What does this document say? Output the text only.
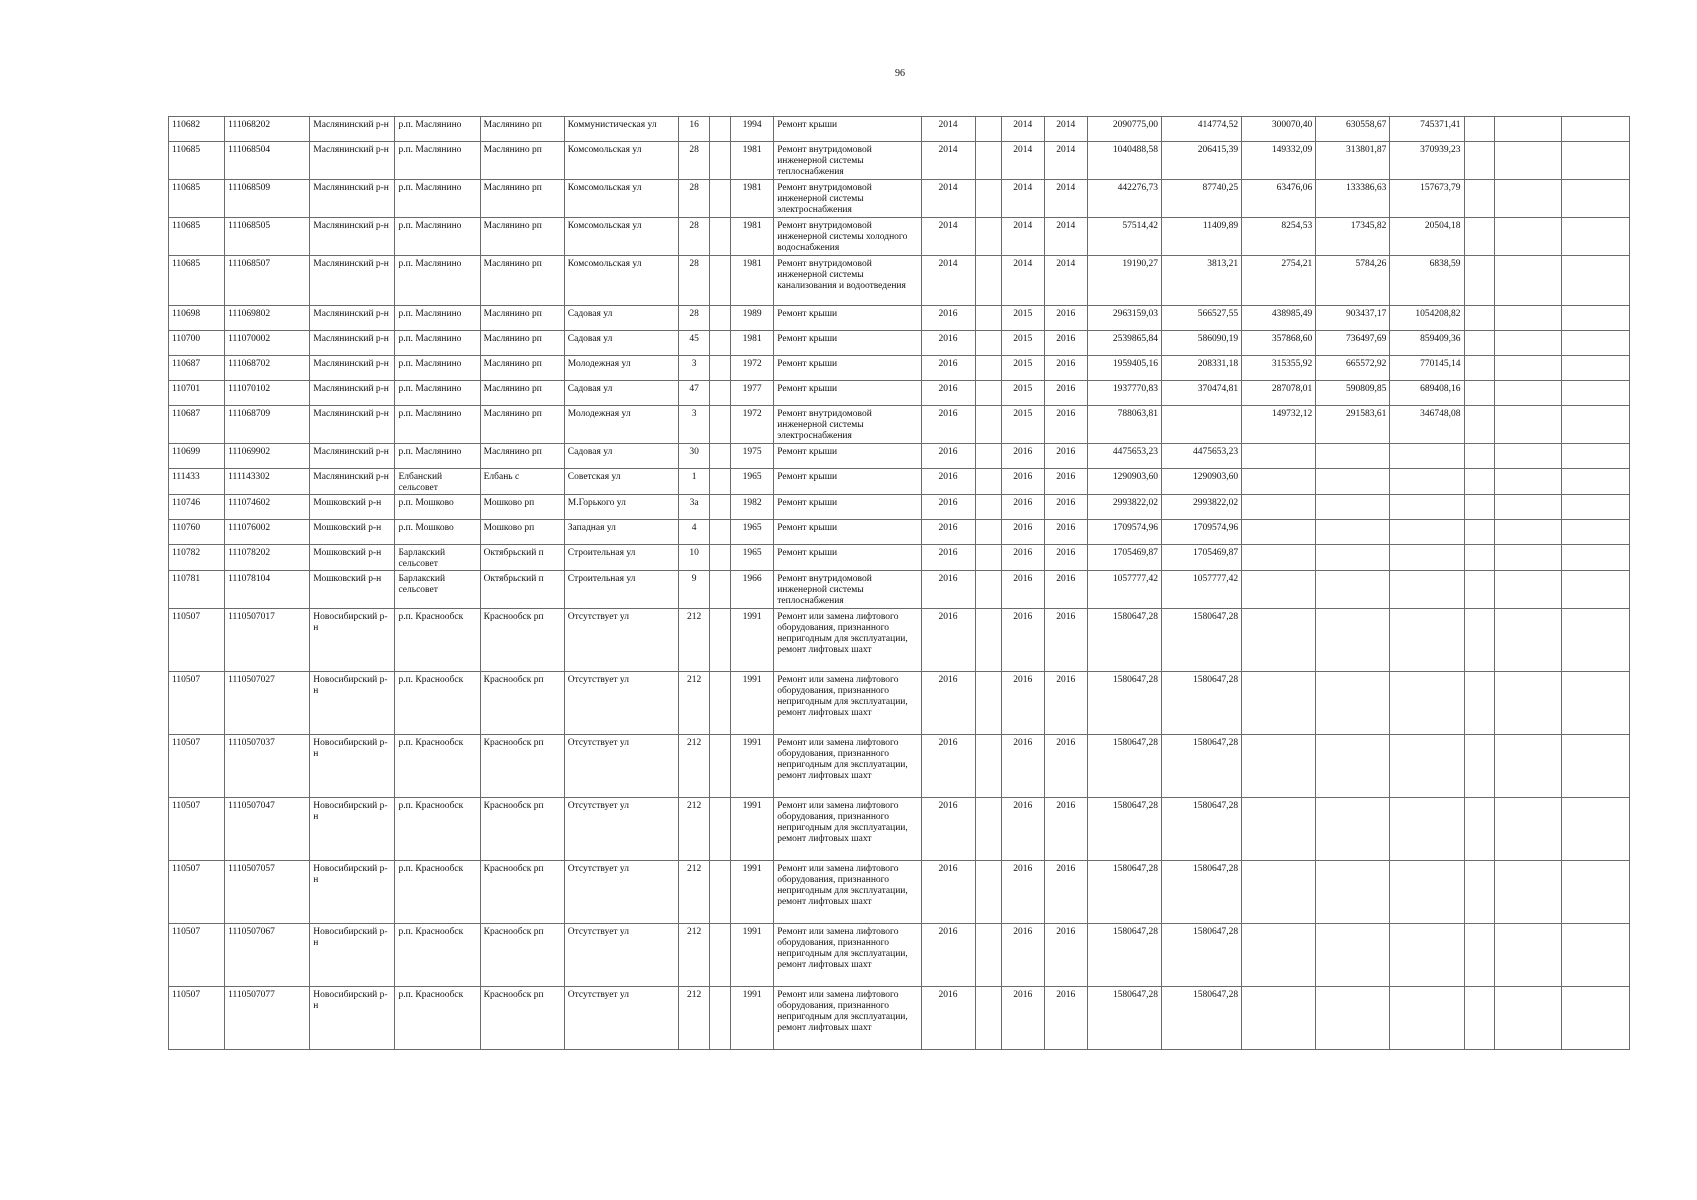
96
110682	111068202	Маслянинский р-н	р.п. Маслянино	Маслянино рп	Коммунистическая ул	16		1994	Ремонт крыши	2014		2014	2014	2090775,00	414774,52	300070,40	630558,67	745371,41			
110685	111068504	Маслянинский р-н	р.п. Маслянино	Маслянино рп	Комсомольская ул	28		1981	Ремонт внутридомовой инженерной системы теплоснабжения	2014		2014	2014	1040488,58	206415,39	149332,09	313801,87	370939,23			
110685	111068509	Маслянинский р-н	р.п. Маслянино	Маслянино рп	Комсомольская ул	28		1981	Ремонт внутридомовой инженерной системы электроснабжения	2014		2014	2014	442276,73	87740,25	63476,06	133386,63	157673,79			
110685	111068505	Маслянинский р-н	р.п. Маслянино	Маслянино рп	Комсомольская ул	28		1981	Ремонт внутридомовой инженерной системы холодного водоснабжения	2014		2014	2014	57514,42	11409,89	8254,53	17345,82	20504,18			
110685	111068507	Маслянинский р-н	р.п. Маслянино	Маслянино рп	Комсомольская ул	28		1981	Ремонт внутридомовой инженерной системы канализования и водоотведения	2014		2014	2014	19190,27	3813,21	2754,21	5784,26	6838,59			
110698	111069802	Маслянинский р-н	р.п. Маслянино	Маслянино рп	Садовая ул	28		1989	Ремонт крыши	2016		2015	2016	2963159,03	566527,55	438985,49	903437,17	1054208,82			
110700	111070002	Маслянинский р-н	р.п. Маслянино	Маслянино рп	Садовая ул	45		1981	Ремонт крыши	2016		2015	2016	2539865,84	586090,19	357868,60	736497,69	859409,36			
110687	111068702	Маслянинский р-н	р.п. Маслянино	Маслянино рп	Молодежная ул	3		1972	Ремонт крыши	2016		2015	2016	1959405,16	208331,18	315355,92	665572,92	770145,14			
110701	111070102	Маслянинский р-н	р.п. Маслянино	Маслянино рп	Садовая ул	47		1977	Ремонт крыши	2016		2015	2016	1937770,83	370474,81	287078,01	590809,85	689408,16			
110687	111068709	Маслянинский р-н	р.п. Маслянино	Маслянино рп	Молодежная ул	3		1972	Ремонт внутридомовой инженерной системы электроснабжения	2016		2015	2016	788063,81		149732,12	291583,61	346748,08			
110699	111069902	Маслянинский р-н	р.п. Маслянино	Маслянино рп	Садовая ул	30		1975	Ремонт крыши	2016		2016	2016	4475653,23	4475653,23						
111433	111143302	Маслянинский р-н	Елбанский сельсовет	Елбань с	Советская ул	1		1965	Ремонт крыши	2016		2016	2016	1290903,60	1290903,60						
110746	111074602	Мошковский р-н	р.п. Мошково	Мошково рп	М.Горького ул	3а		1982	Ремонт крыши	2016		2016	2016	2993822,02	2993822,02						
110760	111076002	Мошковский р-н	р.п. Мошково	Мошково рп	Западная ул	4		1965	Ремонт крыши	2016		2016	2016	1709574,96	1709574,96						
110782	111078202	Мошковский р-н	Барлакский сельсовет	Октябрьский п	Строительная ул	10		1965	Ремонт крыши	2016		2016	2016	1705469,87	1705469,87						
110781	111078104	Мошковский р-н	Барлакский сельсовет	Октябрьский п	Строительная ул	9		1966	Ремонт внутридомовой инженерной системы теплоснабжения	2016		2016	2016	1057777,42	1057777,42						
110507	1110507017	Новосибирский р-н	р.п. Краснообск	Краснообск рп	Отсутствует ул	212		1991	Ремонт или замена лифтового оборудования, признанного непригодным для эксплуатации, ремонт лифтовых шахт	2016		2016	2016	1580647,28	1580647,28						
110507	1110507027	Новосибирский р-н	р.п. Краснообск	Краснообск рп	Отсутствует ул	212		1991	Ремонт или замена лифтового оборудования, признанного непригодным для эксплуатации, ремонт лифтовых шахт	2016		2016	2016	1580647,28	1580647,28						
110507	1110507037	Новосибирский р-н	р.п. Краснообск	Краснообск рп	Отсутствует ул	212		1991	Ремонт или замена лифтового оборудования, признанного непригодным для эксплуатации, ремонт лифтовых шахт	2016		2016	2016	1580647,28	1580647,28						
110507	1110507047	Новосибирский р-н	р.п. Краснообск	Краснообск рп	Отсутствует ул	212		1991	Ремонт или замена лифтового оборудования, признанного непригодным для эксплуатации, ремонт лифтовых шахт	2016		2016	2016	1580647,28	1580647,28						
110507	1110507057	Новосибирский р-н	р.п. Краснообск	Краснообск рп	Отсутствует ул	212		1991	Ремонт или замена лифтового оборудования, признанного непригодным для эксплуатации, ремонт лифтовых шахт	2016		2016	2016	1580647,28	1580647,28						
110507	1110507067	Новосибирский р-н	р.п. Краснообск	Краснообск рп	Отсутствует ул	212		1991	Ремонт или замена лифтового оборудования, признанного непригодным для эксплуатации, ремонт лифтовых шахт	2016		2016	2016	1580647,28	1580647,28						
110507	1110507077	Новосибирский р-н	р.п. Краснообск	Краснообск рп	Отсутствует ул	212		1991	Ремонт или замена лифтового оборудования, признанного непригодным для эксплуатации, ремонт лифтовых шахт	2016		2016	2016	1580647,28	1580647,28						
